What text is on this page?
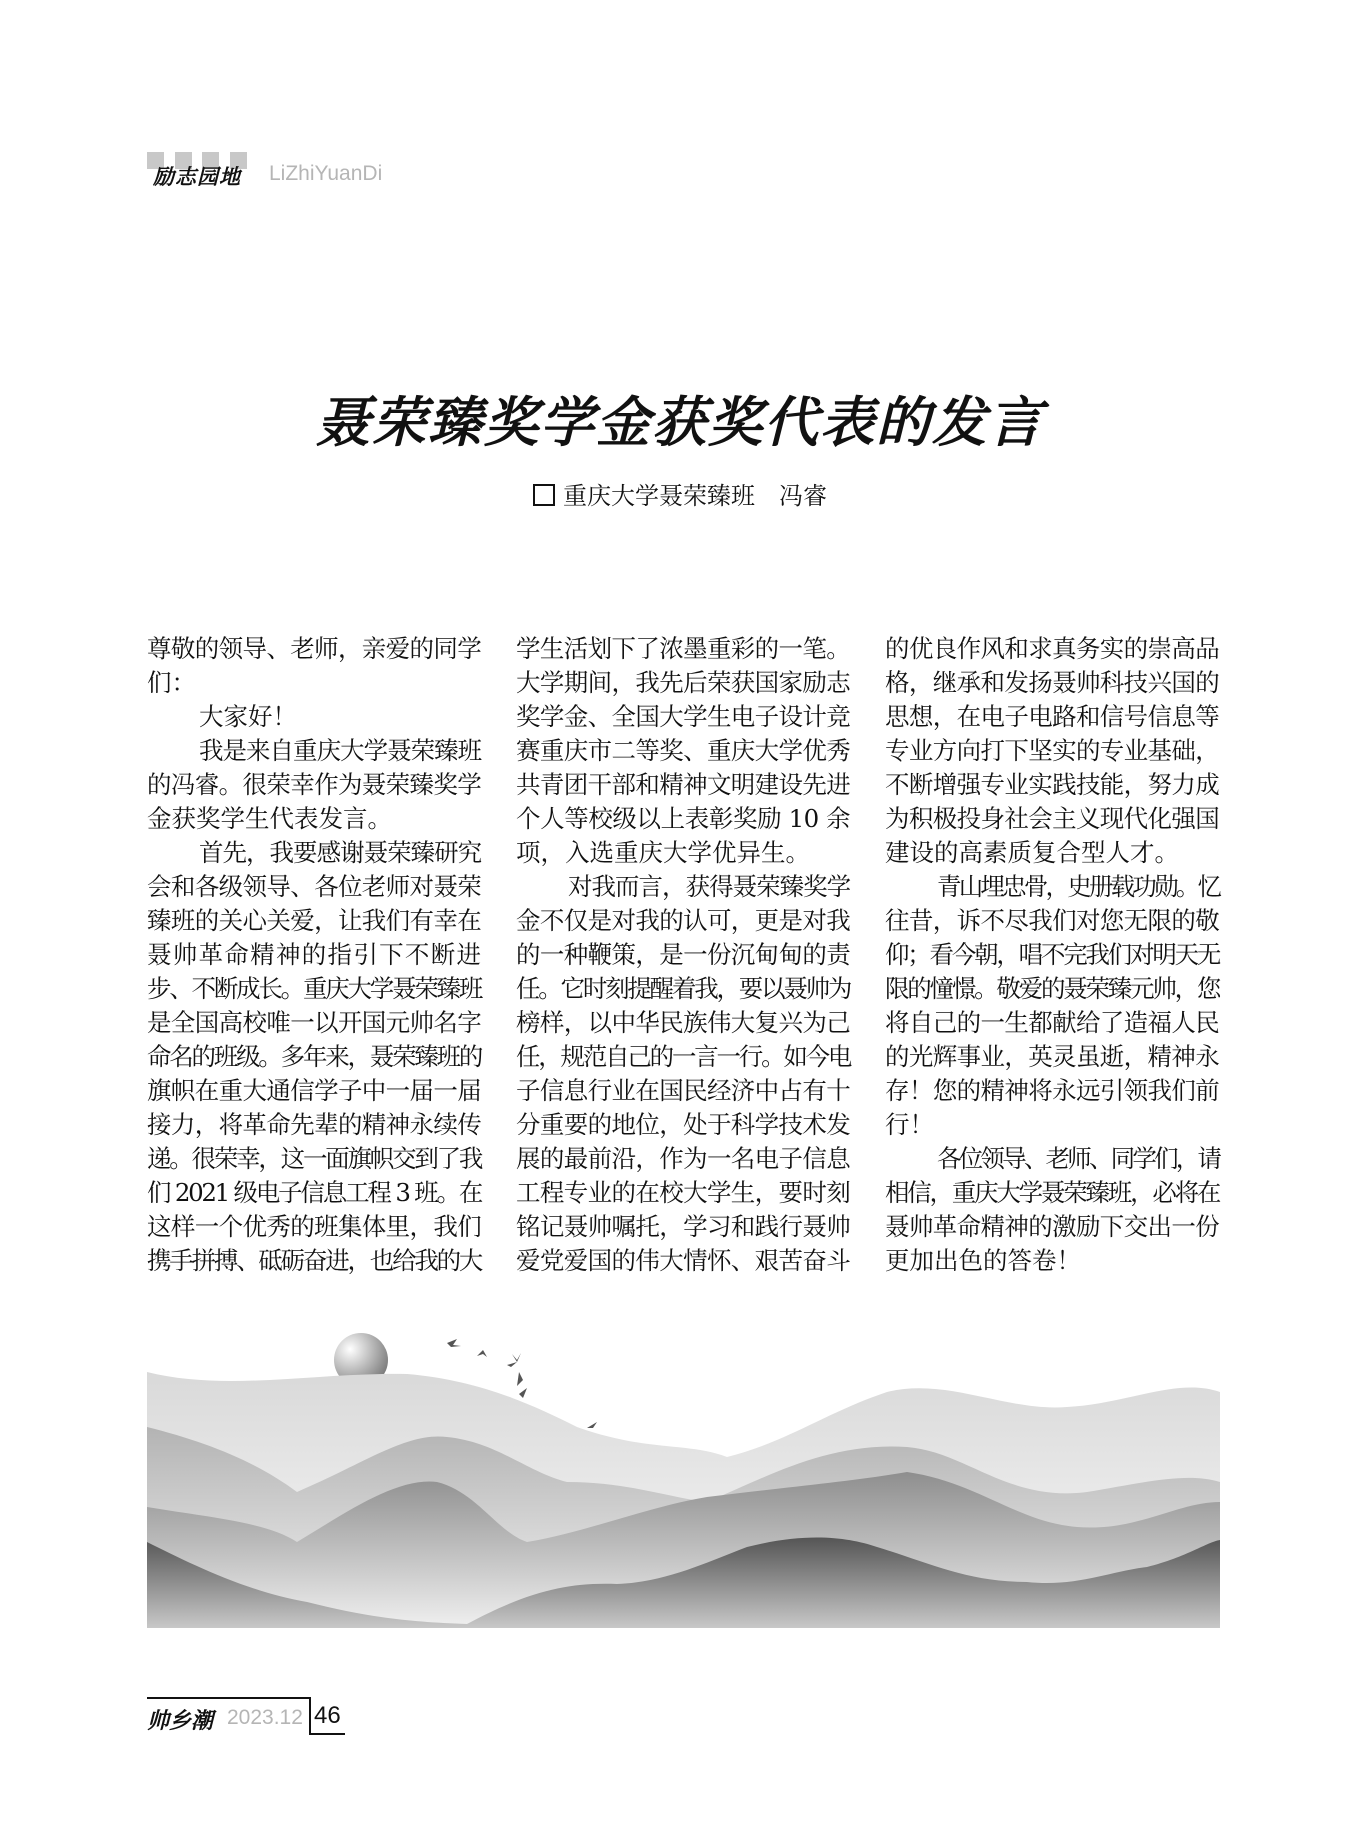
励志园地 LiZhiYuanDi
聂荣臻奖学金获奖代表的发言
重庆大学聂荣臻班　冯睿
尊敬的领导、老师，亲爱的同学
们：
大家好！
我是来自重庆大学聂荣臻班
的冯睿。很荣幸作为聂荣臻奖学
金获奖学生代表发言。
首先，我要感谢聂荣臻研究
会和各级领导、各位老师对聂荣
臻班的关心关爱，让我们有幸在
聂帅革命精神的指引下不断进
步、不断成长。重庆大学聂荣臻班
是全国高校唯一以开国元帅名字
命名的班级。多年来，聂荣臻班的
旗帜在重大通信学子中一届一届
接力，将革命先辈的精神永续传
递。很荣幸，这一面旗帜交到了我
们 2021 级电子信息工程 3 班。在
这样一个优秀的班集体里，我们
携手拼搏、砥砺奋进，也给我的大
学生活划下了浓墨重彩的一笔。
大学期间，我先后荣获国家励志
奖学金、全国大学生电子设计竞
赛重庆市二等奖、重庆大学优秀
共青团干部和精神文明建设先进
个人等校级以上表彰奖励 10 余
项，入选重庆大学优异生。
对我而言，获得聂荣臻奖学
金不仅是对我的认可，更是对我
的一种鞭策，是一份沉甸甸的责
任。它时刻提醒着我，要以聂帅为
榜样，以中华民族伟大复兴为己
任，规范自己的一言一行。如今电
子信息行业在国民经济中占有十
分重要的地位，处于科学技术发
展的最前沿，作为一名电子信息
工程专业的在校大学生，要时刻
铭记聂帅嘱托，学习和践行聂帅
爱党爱国的伟大情怀、艰苦奋斗
的优良作风和求真务实的崇高品
格，继承和发扬聂帅科技兴国的
思想，在电子电路和信号信息等
专业方向打下坚实的专业基础，
不断增强专业实践技能，努力成
为积极投身社会主义现代化强国
建设的高素质复合型人才。
青山埋忠骨，史册载功勋。忆
往昔，诉不尽我们对您无限的敬
仰；看今朝，唱不完我们对明天无
限的憧憬。敬爱的聂荣臻元帅，您
将自己的一生都献给了造福人民
的光辉事业，英灵虽逝，精神永
存！您的精神将永远引领我们前
行！
各位领导、老师、同学们，请
相信，重庆大学聂荣臻班，必将在
聂帅革命精神的激励下交出一份
更加出色的答卷！
帅乡潮 2023.12 46
